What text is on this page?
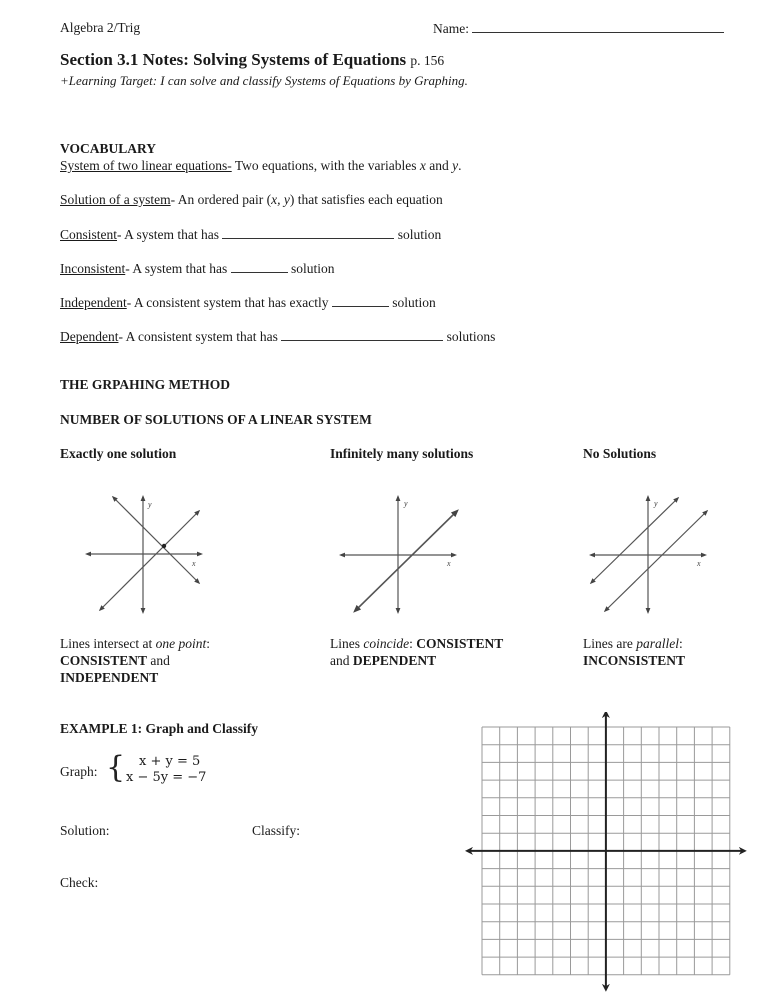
Algebra 2/Trig	Name:
Section 3.1 Notes: Solving Systems of Equations p. 156
+Learning Target: I can solve and classify Systems of Equations by Graphing.
VOCABULARY
System of two linear equations- Two equations, with the variables x and y.
Solution of a system- An ordered pair (x, y) that satisfies each equation
Consistent- A system that has	solution
Inconsistent- A system that has	solution
Independent- A consistent system that has exactly	solution
Dependent- A consistent system that has	solutions
THE GRPAHING METHOD
NUMBER OF SOLUTIONS OF A LINEAR SYSTEM
Exactly one solution	Infinitely many solutions	No Solutions
y
x
y
x
y
x
Lines intersect at one point:
CONSISTENT and
INDEPENDENT
Lines coincide: CONSISTENT
and DEPENDENT
Lines are parallel:
INCONSISTENT
EXAMPLE 1: Graph and Classify
Graph: {	x + y = 5
x − 5y = −7
Solution:	Classify:
Check:
